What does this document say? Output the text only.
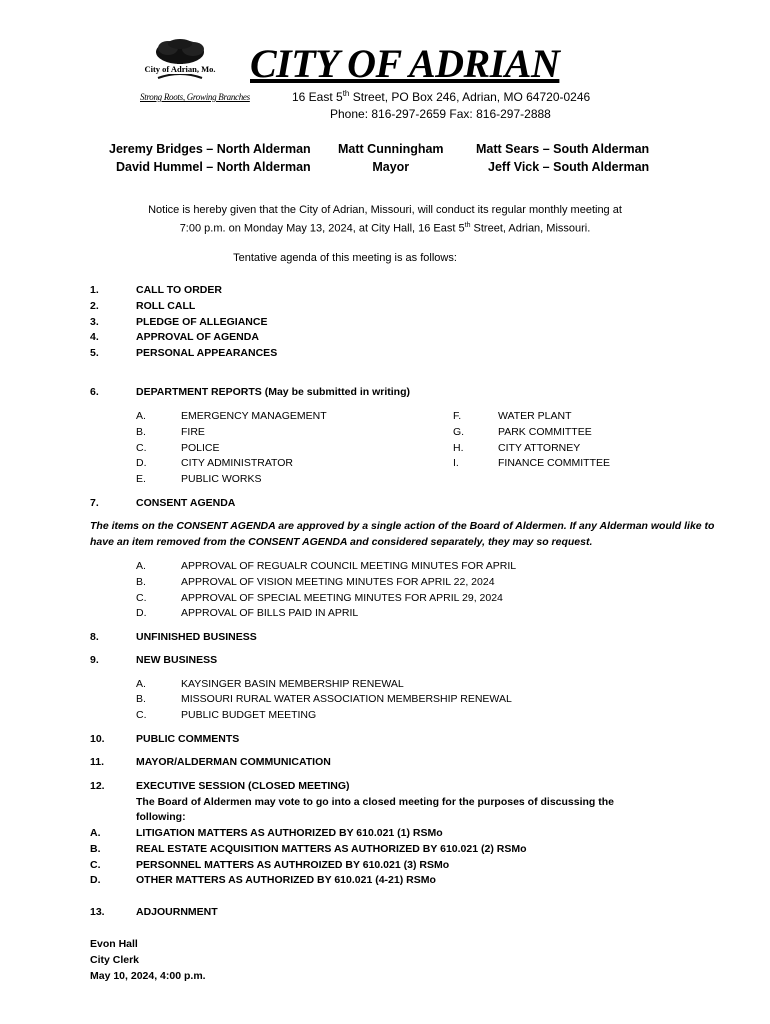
City of Adrian, Mo.
Strong Roots, Growing Branches
CITY OF ADRIAN
16 East 5th Street, PO Box 246, Adrian, MO 64720-0246
Phone: 816-297-2659 Fax: 816-297-2888
Jeremy Bridges – North Alderman
David Hummel – North Alderman
Matt Cunningham
Mayor
Matt Sears – South Alderman
Jeff Vick – South Alderman
Notice is hereby given that the City of Adrian, Missouri, will conduct its regular monthly meeting at
7:00 p.m. on Monday May 13, 2024, at City Hall, 16 East 5th Street, Adrian, Missouri.
Tentative agenda of this meeting is as follows:
1.	CALL TO ORDER
2.	ROLL CALL
3.	PLEDGE OF ALLEGIANCE
4.	APPROVAL OF AGENDA
5.	PERSONAL APPEARANCES
6.	DEPARTMENT REPORTS (May be submitted in writing)
A.	EMERGENCY MANAGEMENT	F.	WATER PLANT
B.	FIRE	G.	PARK COMMITTEE
C.	POLICE	H.	CITY ATTORNEY
D.	CITY ADMINISTRATOR	I.	FINANCE COMMITTEE
E.	PUBLIC WORKS
7.	CONSENT AGENDA
The items on the CONSENT AGENDA are approved by a single action of the Board of Aldermen. If any Alderman would like to have an item removed from the CONSENT AGENDA and considered separately, they may so request.
A.	APPROVAL OF REGUALR COUNCIL MEETING MINUTES FOR APRIL
B.	APPROVAL OF VISION MEETING MINUTES FOR APRIL 22, 2024
C.	APPROVAL OF SPECIAL MEETING MINUTES FOR APRIL 29, 2024
D.	APPROVAL OF BILLS PAID IN APRIL
8.	UNFINISHED BUSINESS
9.	NEW BUSINESS
A.	KAYSINGER BASIN MEMBERSHIP RENEWAL
B.	MISSOURI RURAL WATER ASSOCIATION MEMBERSHIP RENEWAL
C.	PUBLIC BUDGET MEETING
10.	PUBLIC COMMENTS
11.	MAYOR/ALDERMAN COMMUNICATION
12.	EXECUTIVE SESSION (CLOSED MEETING)
The Board of Aldermen may vote to go into a closed meeting for the purposes of discussing the
following:
A.	LITIGATION MATTERS AS AUTHORIZED BY 610.021 (1) RSMo
B.	REAL ESTATE ACQUISITION MATTERS AS AUTHORIZED BY 610.021 (2) RSMo
C.	PERSONNEL MATTERS AS AUTHROIZED BY 610.021 (3) RSMo
D.	OTHER MATTERS AS AUTHORIZED BY 610.021 (4-21) RSMo
13.	ADJOURNMENT
Evon Hall
City Clerk
May 10, 2024, 4:00 p.m.
